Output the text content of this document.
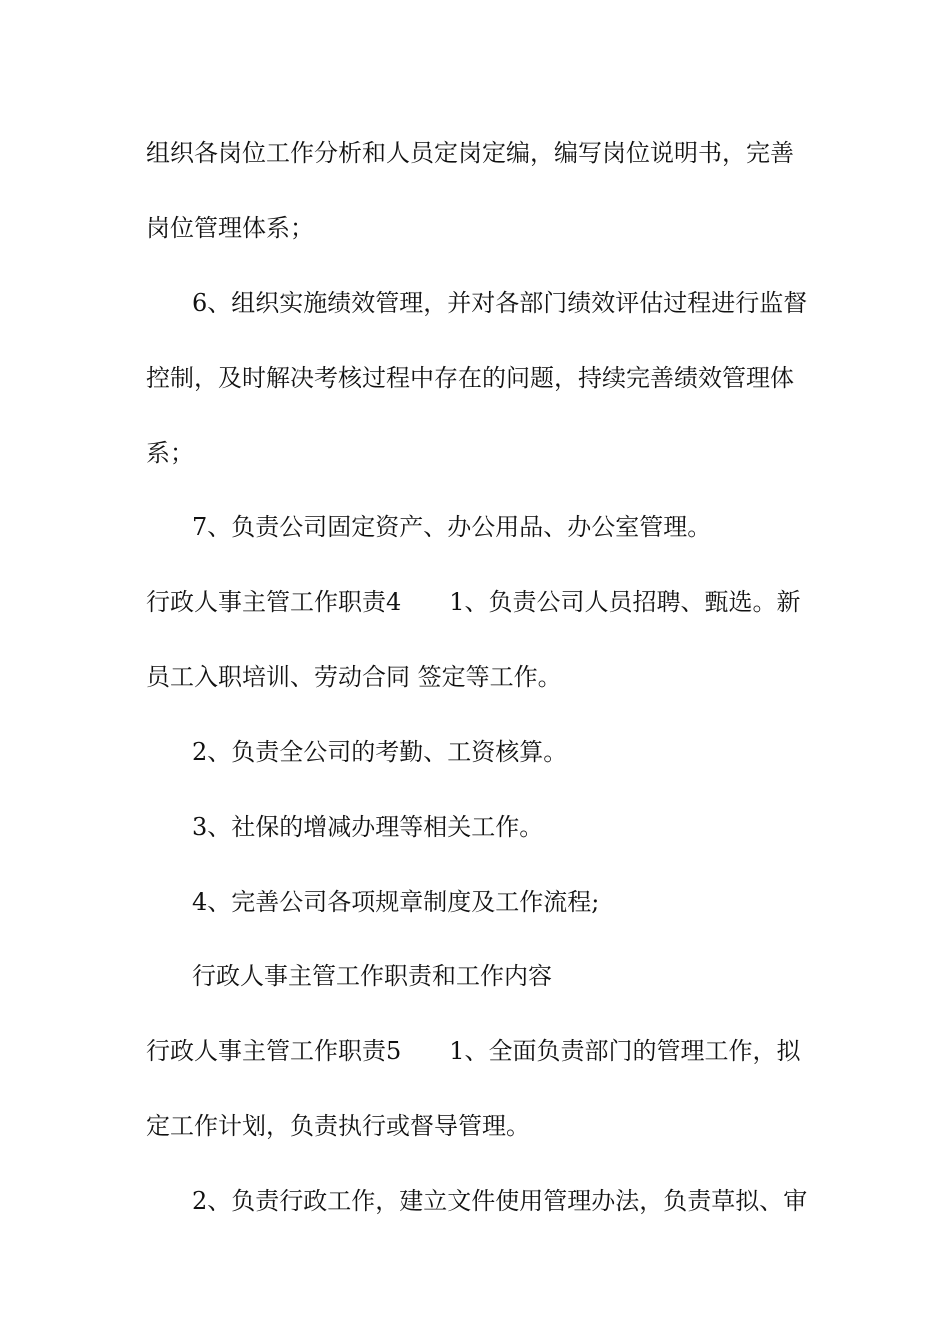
组织各岗位工作分析和人员定岗定编，编写岗位说明书，完善
岗位管理体系；
6、组织实施绩效管理，并对各部门绩效评估过程进行监督
控制，及时解决考核过程中存在的问题，持续完善绩效管理体
系；
7、负责公司固定资产、办公用品、办公室管理。
行政人事主管工作职责4　　1、负责公司人员招聘、甄选。新
员工入职培训、劳动合同 签定等工作。
2、负责全公司的考勤、工资核算。
3、社保的增减办理等相关工作。
4、完善公司各项规章制度及工作流程;
行政人事主管工作职责和工作内容
行政人事主管工作职责5　　1、全面负责部门的管理工作，拟
定工作计划，负责执行或督导管理。
2、负责行政工作，建立文件使用管理办法，负责草拟、审
